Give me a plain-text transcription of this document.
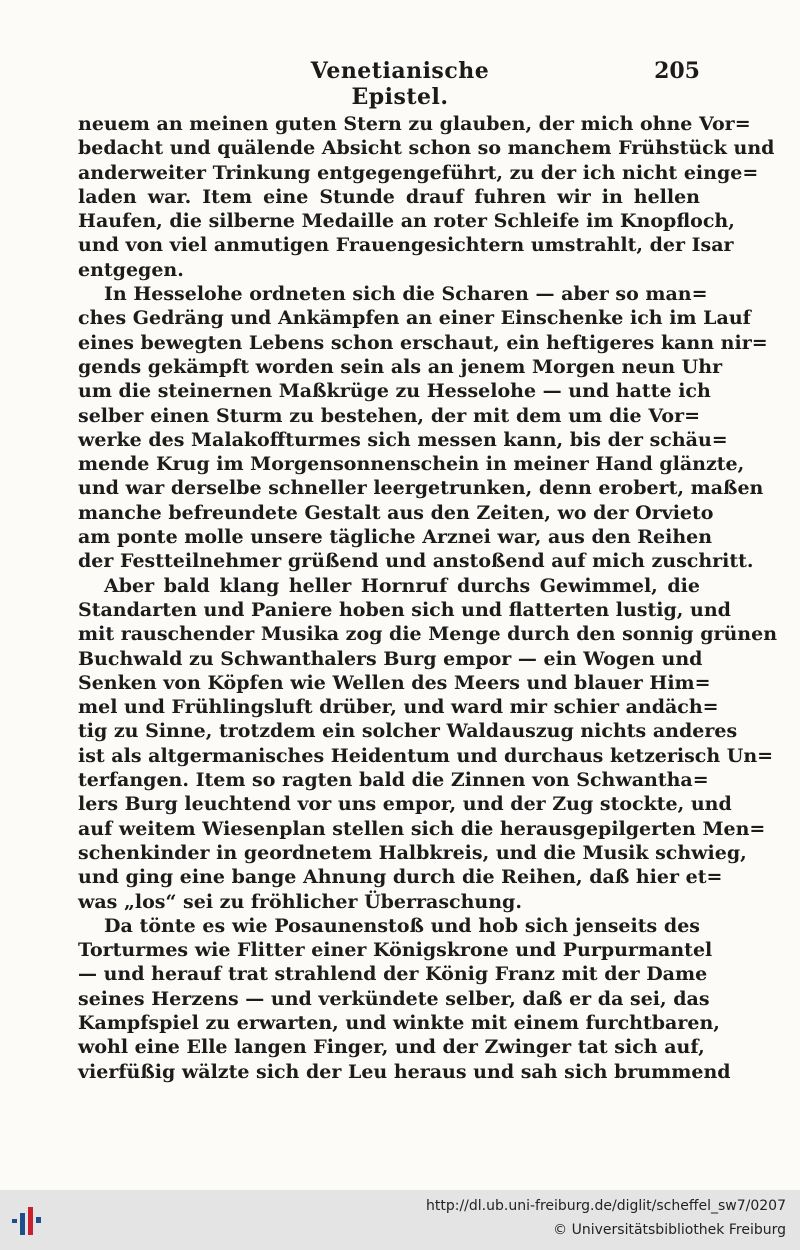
Venetianische Epistel.
205
neuem an meinen guten Stern zu glauben, der mich ohne Vor=
bedacht und quälende Absicht schon so manchem Frühstück und
anderweiter Trinkung entgegengeführt, zu der ich nicht einge=
laden war. Item eine Stunde drauf fuhren wir in hellen
Haufen, die silberne Medaille an roter Schleife im Knopfloch,
und von viel anmutigen Frauengesichtern umstrahlt, der Isar
entgegen.
In Hesselohe ordneten sich die Scharen — aber so man=
ches Gedräng und Ankämpfen an einer Einschenke ich im Lauf
eines bewegten Lebens schon erschaut, ein heftigeres kann nir=
gends gekämpft worden sein als an jenem Morgen neun Uhr
um die steinernen Maßkrüge zu Hesselohe — und hatte ich
selber einen Sturm zu bestehen, der mit dem um die Vor=
werke des Malakoffturmes sich messen kann, bis der schäu=
mende Krug im Morgensonnenschein in meiner Hand glänzte,
und war derselbe schneller leergetrunken, denn erobert, maßen
manche befreundete Gestalt aus den Zeiten, wo der Orvieto
am ponte molle unsere tägliche Arznei war, aus den Reihen
der Festteilnehmer grüßend und anstoßend auf mich zuschritt.
Aber bald klang heller Hornruf durchs Gewimmel, die
Standarten und Paniere hoben sich und flatterten lustig, und
mit rauschender Musika zog die Menge durch den sonnig grünen
Buchwald zu Schwanthalers Burg empor — ein Wogen und
Senken von Köpfen wie Wellen des Meers und blauer Him=
mel und Frühlingsluft drüber, und ward mir schier andäch=
tig zu Sinne, trotzdem ein solcher Waldauszug nichts anderes
ist als altgermanisches Heidentum und durchaus ketzerisch Un=
terfangen. Item so ragten bald die Zinnen von Schwantha=
lers Burg leuchtend vor uns empor, und der Zug stockte, und
auf weitem Wiesenplan stellen sich die herausgepilgerten Men=
schenkinder in geordnetem Halbkreis, und die Musik schwieg,
und ging eine bange Ahnung durch die Reihen, daß hier et=
was „los“ sei zu fröhlicher Überraschung.
Da tönte es wie Posaunenstoß und hob sich jenseits des
Torturmes wie Flitter einer Königskrone und Purpurmantel
— und herauf trat strahlend der König Franz mit der Dame
seines Herzens — und verkündete selber, daß er da sei, das
Kampfspiel zu erwarten, und winkte mit einem furchtbaren,
wohl eine Elle langen Finger, und der Zwinger tat sich auf,
vierfüßig wälzte sich der Leu heraus und sah sich brummend
http://dl.ub.uni-freiburg.de/diglit/scheffel_sw7/0207
© Universitätsbibliothek Freiburg
